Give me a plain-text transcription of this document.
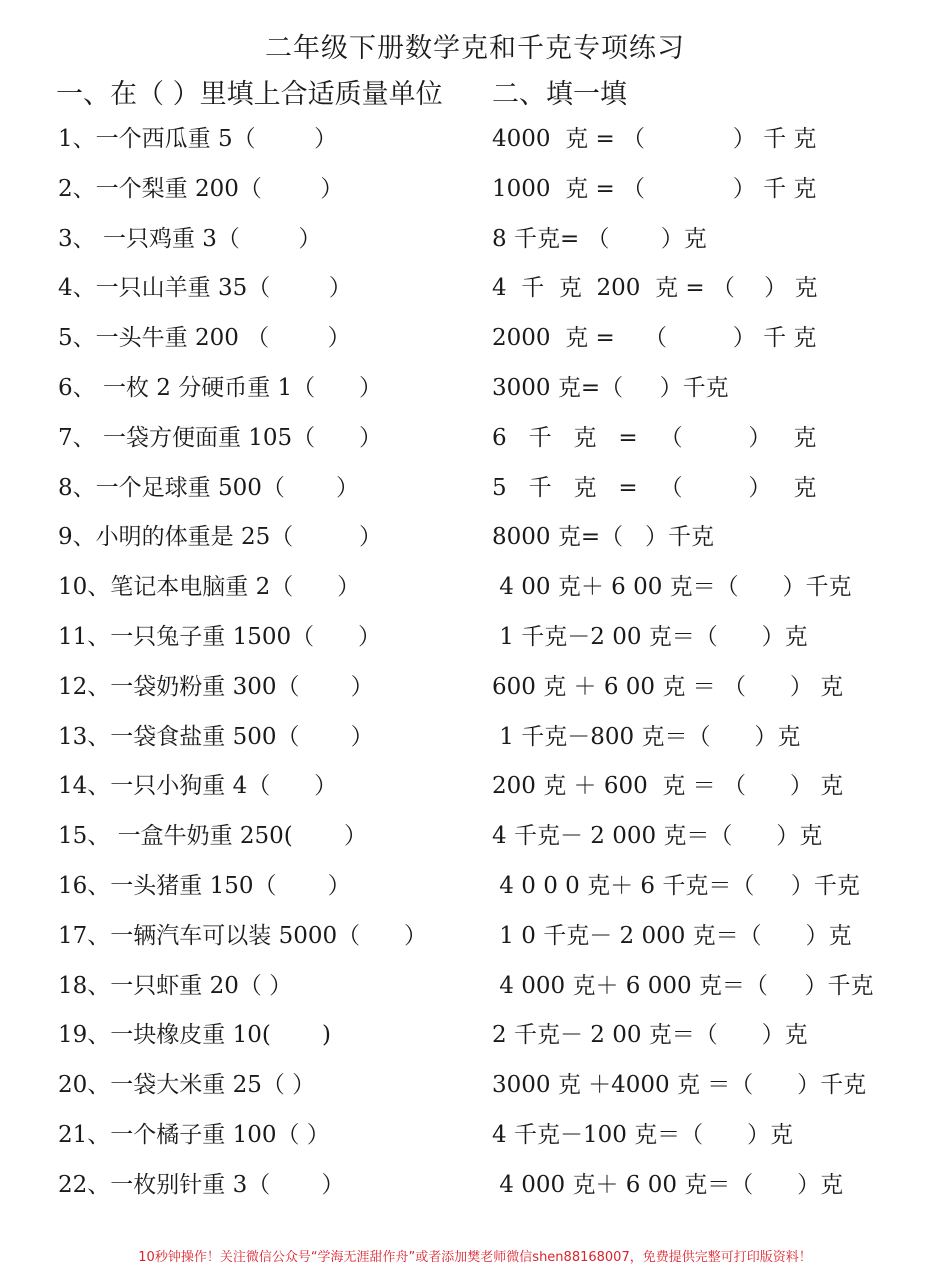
二年级下册数学克和千克专项练习
一、在（ ）里填上合适质量单位 二、填一填
1、一个西瓜重 5（        ）	4000  克 = （            ） 千 克
2、一个梨重 200（        ）	1000  克 = （            ） 千 克
3、 一只鸡重 3（        ）	8 千克= （       ）克
4、一只山羊重 35（        ）	4  千  克  200  克 = （    ） 克
5、一头牛重 200 （        ）	2000  克 =    （         ） 千 克
6、 一枚 2 分硬币重 1（      ）	3000 克=（     ）千克
7、 一袋方便面重 105（      ）	6   千   克   =   （         ）   克
8、一个足球重 500（       ）	5   千   克   =   （         ）   克
9、小明的体重是 25（         ）	8000 克=（   ）千克
10、笔记本电脑重 2（      ）	4 00 克＋ 6 00 克＝（      ）千克
11、一只兔子重 1500（      ）	1 千克－2 00 克＝（      ）克
12、一袋奶粉重 300（       ）	600 克 ＋ 6 00 克 ＝ （      ） 克
13、一袋食盐重 500（       ）	1 千克－800 克＝（      ）克
14、一只小狗重 4（      ）	200 克 ＋ 600  克 ＝ （      ） 克
15、 一盒牛奶重 250(       ）	4 千克－ 2 000 克＝（      ）克
16、一头猪重 150（       ）	4 0 0 0 克＋ 6 千克＝（     ）千克
17、一辆汽车可以装 5000（      ）	1 0 千克－ 2 000 克＝（      ）克
18、一只虾重 20（ ）	4 000 克＋ 6 000 克＝（     ）千克
19、一块橡皮重 10(       )	2 千克－ 2 00 克＝（      ）克
20、一袋大米重 25（ ）	3000 克 ＋4000 克 ＝（      ）千克
21、一个橘子重 100（ ）	4 千克－100 克＝（      ）克
22、一枚别针重 3（       ）	4 000 克＋ 6 00 克＝（      ）克
10秒钟操作！关注微信公众号“学海无涯甜作舟”或者添加樊老师微信shen88168007，免费提供完整可打印版资料！
